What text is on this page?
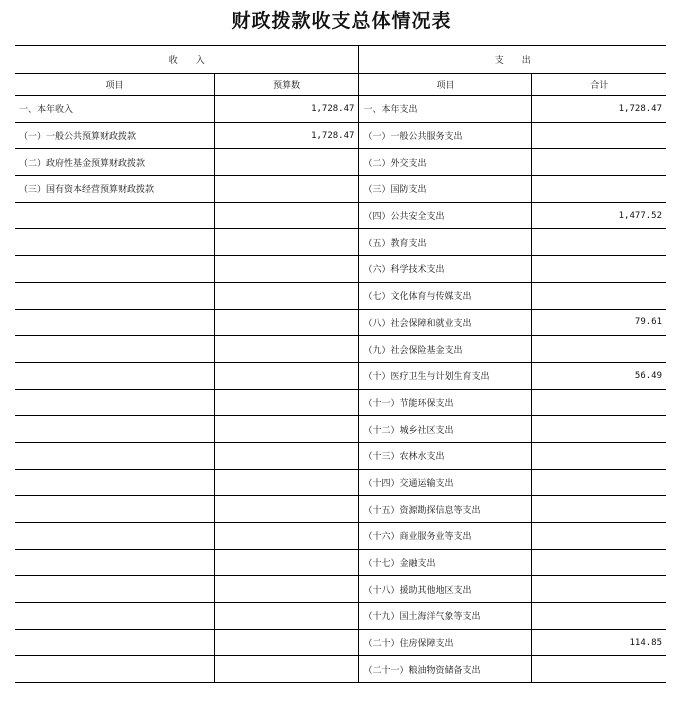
财政拨款收支总体情况表
收　　入		支　　出	
项目	预算数	项目	合计
一、本年收入	1,728.47	一、本年支出	1,728.47
（一）一般公共预算财政拨款	1,728.47	（一）一般公共服务支出	
（二）政府性基金预算财政拨款		（二）外交支出	
（三）国有资本经营预算财政拨款		（三）国防支出	
		（四）公共安全支出	1,477.52
		（五）教育支出	
		（六）科学技术支出	
		（七）文化体育与传媒支出	
		（八）社会保障和就业支出	79.61
		（九）社会保险基金支出	
		（十）医疗卫生与计划生育支出	56.49
		（十一）节能环保支出	
		（十二）城乡社区支出	
		（十三）农林水支出	
		（十四）交通运输支出	
		（十五）资源勘探信息等支出	
		（十六）商业服务业等支出	
		（十七）金融支出	
		（十八）援助其他地区支出	
		（十九）国土海洋气象等支出	
		（二十）住房保障支出	114.85
		（二十一）粮油物资储备支出	
